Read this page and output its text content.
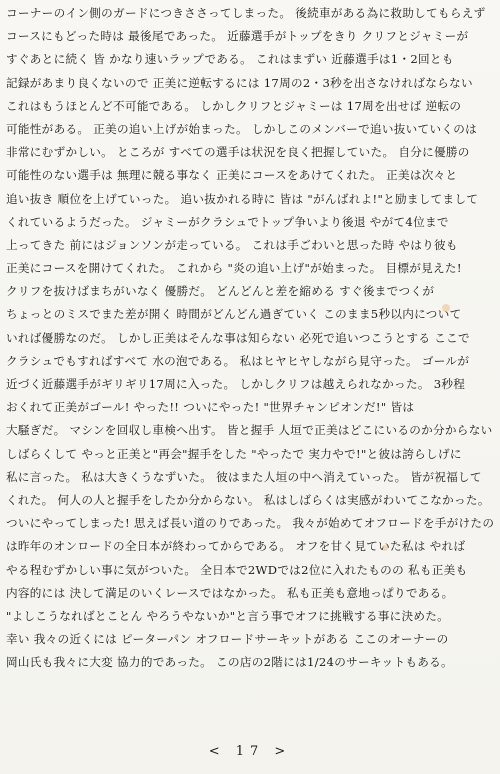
コーナーのイン側のガードにつきささってしまった。 後続車がある為に救助してもらえず
コースにもどった時は 最後尾であった。 近藤選手がトップをきり クリフとジャミーが
すぐあとに続く 皆 かなり速いラップである。 これはまずい 近藤選手は1・2回とも
記録があまり良くないので 正美に逆転するには 17周の2・3秒を出さなければならない
これはもうほとんど不可能である。 しかしクリフとジャミーは 17周を出せば 逆転の
可能性がある。 正美の追い上げが始まった。 しかしこのメンバーで追い抜いていくのは
非常にむずかしい。 ところが すべての選手は状況を良く把握していた。 自分に優勝の
可能性のない選手は 無理に競る事なく 正美にコースをあけてくれた。 正美は次々と
追い抜き 順位を上げていった。 追い抜かれる時に 皆は "がんばれよ!"と励ましてまして
くれているようだった。 ジャミーがクラシュでトップ争いより後退 やがて4位まで
上ってきた 前にはジョンソンが走っている。 これは手ごわいと思った時 やはり彼も
正美にコースを開けてくれた。 これから "炎の追い上げ"が始まった。 目標が見えた!
クリフを抜けばまちがいなく 優勝だ。 どんどんと差を縮める すぐ後までつくが
ちょっとのミスでまた差が開く 時間がどんどん過ぎていく このまま5秒以内について
いれば優勝なのだ。 しかし正美はそんな事は知らない 必死で追いつこうとする ここで
クラシュでもすればすべて 水の泡である。 私はヒヤヒヤしながら見守った。 ゴールが
近づく近藤選手がギリギリ17周に入った。 しかしクリフは越えられなかった。 3秒程
おくれて正美がゴール! やった!! ついにやった! "世界チャンピオンだ!" 皆は
大騒ぎだ。 マシンを回収し車検へ出す。 皆と握手 人垣で正美はどこにいるのか分からない
しばらくして やっと正美と"再会"握手をした "やったで 実力やで!"と彼は誇らしげに
私に言った。 私は大きくうなずいた。 彼はまた人垣の中へ消えていった。 皆が祝福して
くれた。 何人の人と握手をしたか分からない。 私はしばらくは実感がわいてこなかった。
ついにやってしまった! 思えば長い道のりであった。 我々が始めてオフロードを手がけたの
は昨年のオンロードの全日本が終わってからである。 オフを甘く見ていた私は やれば
やる程むずかしい事に気がついた。 全日本で2WDでは2位に入れたものの 私も正美も
内容的には 決して満足のいくレースではなかった。 私も正美も意地っぱりである。
"よしこうなればとことん やろうやないか"と言う事でオフに挑戦する事に決めた。
幸い 我々の近くには ピーターパン オフロードサーキットがある ここのオーナーの
岡山氏も我々に大変 協力的であった。 この店の2階には1/24のサーキットもある。
< 17 >
